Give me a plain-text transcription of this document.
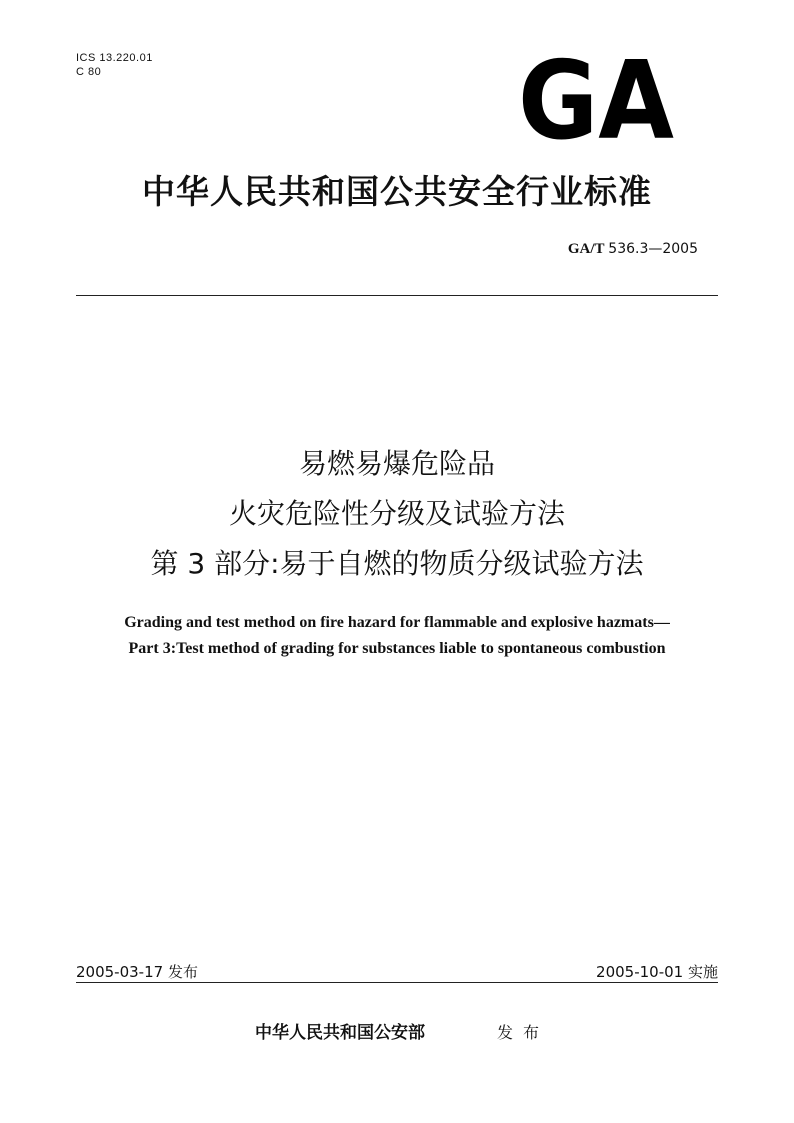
ICS 13.220.01
C 80	GA
中华人民共和国公共安全行业标准
GA/T 536.3—2005
易燃易爆危险品
火灾危险性分级及试验方法
第 3 部分:易于自燃的物质分级试验方法
Grading and test method on fire hazard for flammable and explosive hazmats—
Part 3:Test method of grading for substances liable to spontaneous combustion
2005-03-17 发布	2005-10-01 实施
中华人民共和国公安部	发布
